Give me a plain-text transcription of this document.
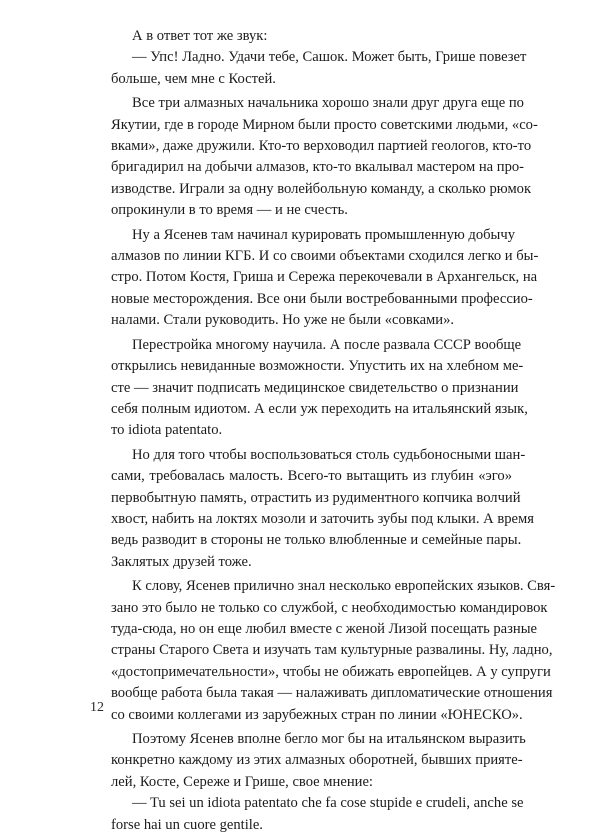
А в ответ тот же звук:

— Упс! Ладно. Удачи тебе, Сашок. Может быть, Грише повезет
больше, чем мне с Костей.

Все три алмазных начальника хорошо знали друг друга еще по
Якутии, где в городе Мирном были просто советскими людьми, «со-
вками», даже дружили. Кто-то верховодил партией геологов, кто-то
бригадирил на добычи алмазов, кто-то вкалывал мастером на про-
изводстве. Играли за одну волейбольную команду, а сколько рюмок
опрокинули в то время — и не счесть.

Ну а Ясенев там начинал курировать промышленную добычу
алмазов по линии КГБ. И со своими объектами сходился легко и бы-
стро. Потом Костя, Гриша и Сережа перекочевали в Архангельск, на
новые месторождения. Все они были востребованными профессио-
налами. Стали руководить. Но уже не были «совками».

Перестройка многому научила. А после развала СССР вообще
открылись невиданные возможности. Упустить их на хлебном ме-
сте — значит подписать медицинское свидетельство о признании
себя полным идиотом. А если уж переходить на итальянский язык,
то idiota patentato.

Но для того чтобы воспользоваться столь судьбоносными шан-
сами, требовалась малость. Всего-то вытащить из глубин «эго»
первобытную память, отрастить из рудиментного копчика волчий
хвост, набить на локтях мозоли и заточить зубы под клыки. А время
ведь разводит в стороны не только влюбленные и семейные пары.
Заклятых друзей тоже.

К слову, Ясенев прилично знал несколько европейских языков. Свя-
зано это было не только со службой, с необходимостью командировок
туда-сюда, но он еще любил вместе с женой Лизой посещать разные
страны Старого Света и изучать там культурные развалины. Ну, ладно,
«достопримечательности», чтобы не обижать европейцев. А у супруги
вообще работа была такая — налаживать дипломатические отношения
со своими коллегами из зарубежных стран по линии «ЮНЕСКО».

Поэтому Ясенев вполне бегло мог бы на итальянском выразить
конкретно каждому из этих алмазных оборотней, бывших прияте-
лей, Косте, Сереже и Грише, свое мнение:

— Tu sei un idiota patentato che fa cose stupide e crudeli, anche se
forse hai un cuore gentile.

12
